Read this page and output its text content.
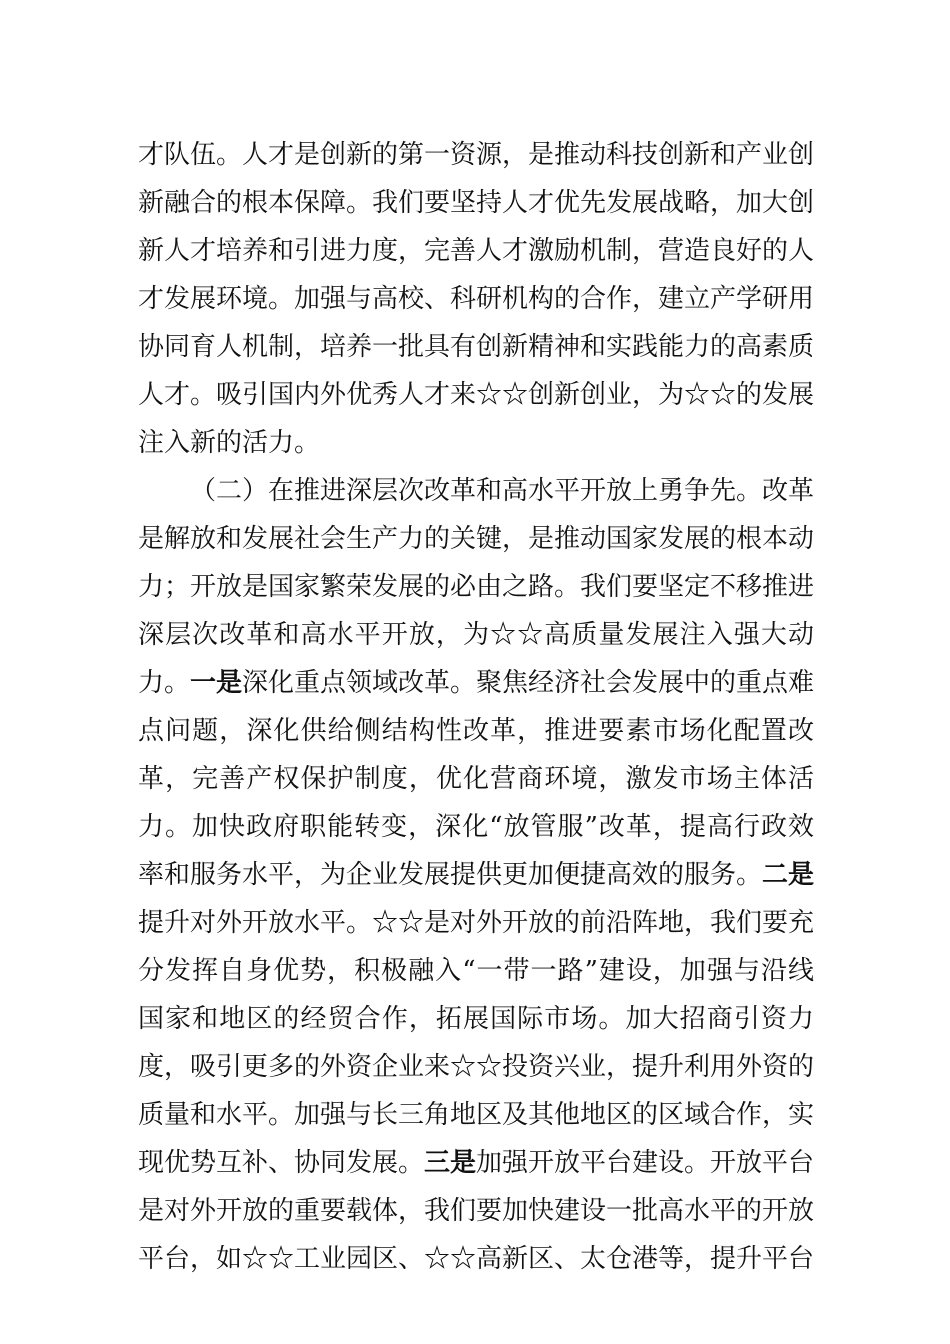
才队伍。人才是创新的第一资源，是推动科技创新和产业创
新融合的根本保障。我们要坚持人才优先发展战略，加大创
新人才培养和引进力度，完善人才激励机制，营造良好的人
才发展环境。加强与高校、科研机构的合作，建立产学研用
协同育人机制，培养一批具有创新精神和实践能力的高素质
人才。吸引国内外优秀人才来☆☆创新创业，为☆☆的发展
注入新的活力。
（二）在推进深层次改革和高水平开放上勇争先。改革
是解放和发展社会生产力的关键，是推动国家发展的根本动
力；开放是国家繁荣发展的必由之路。我们要坚定不移推进
深层次改革和高水平开放，为☆☆高质量发展注入强大动
力。一是深化重点领域改革。聚焦经济社会发展中的重点难
点问题，深化供给侧结构性改革，推进要素市场化配置改
革，完善产权保护制度，优化营商环境，激发市场主体活
力。加快政府职能转变，深化“放管服”改革，提高行政效
率和服务水平，为企业发展提供更加便捷高效的服务。二是
提升对外开放水平。☆☆是对外开放的前沿阵地，我们要充
分发挥自身优势，积极融入“一带一路”建设，加强与沿线
国家和地区的经贸合作，拓展国际市场。加大招商引资力
度，吸引更多的外资企业来☆☆投资兴业，提升利用外资的
质量和水平。加强与长三角地区及其他地区的区域合作，实
现优势互补、协同发展。三是加强开放平台建设。开放平台
是对外开放的重要载体，我们要加快建设一批高水平的开放
平台，如☆☆工业园区、☆☆高新区、太仓港等，提升平台
